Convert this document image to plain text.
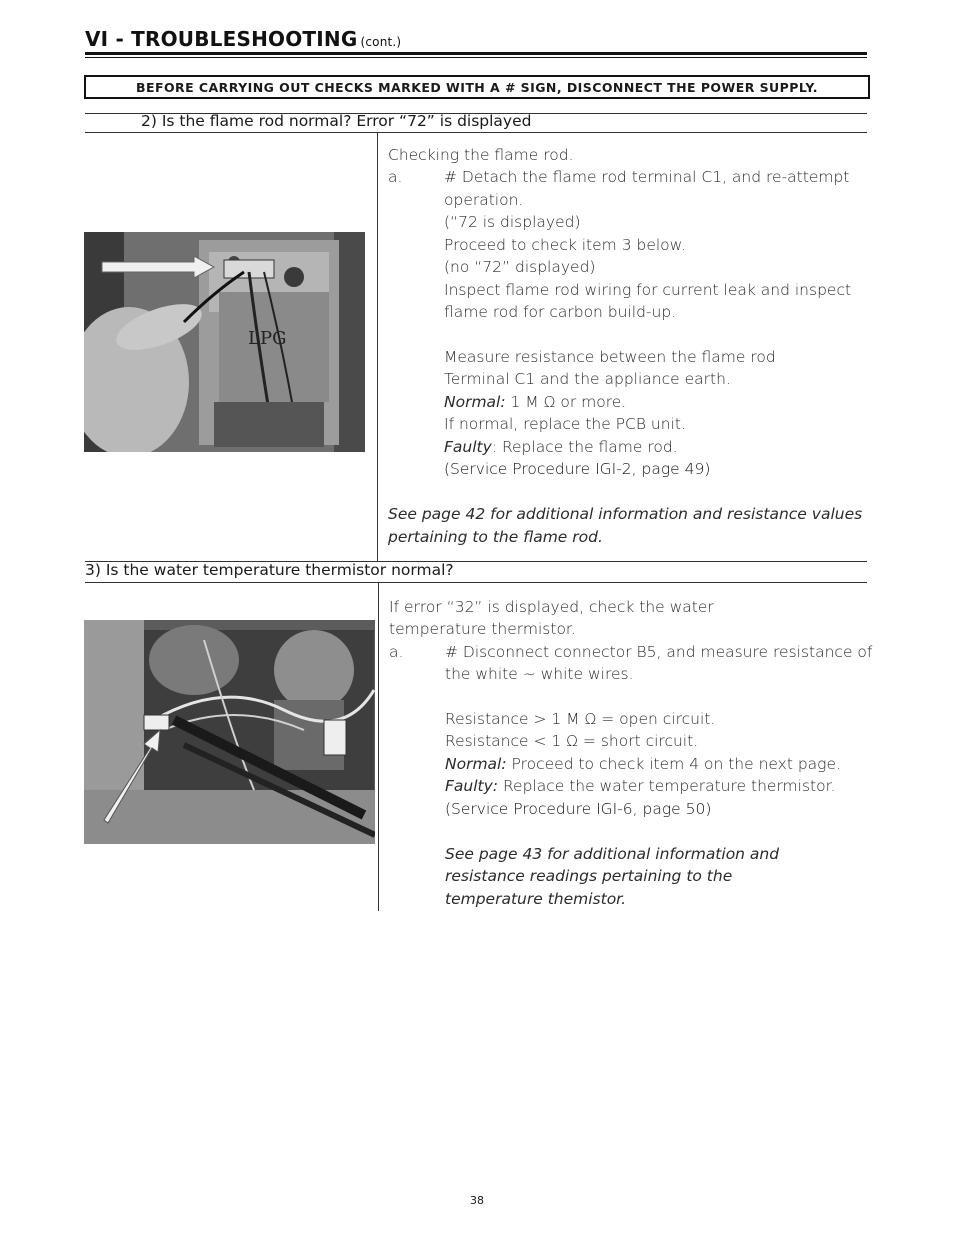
VI - TROUBLESHOOTING (cont.)
BEFORE CARRYING OUT CHECKS MARKED WITH A # SIGN, DISCONNECT THE POWER SUPPLY.
2) Is the flame rod normal? Error “72” is displayed
LPG
Checking the flame rod.
a.	# Detach the flame rod terminal C1, and re-attempt
operation.
(“72 is displayed)
Proceed to check item 3 below.
(no “72” displayed)
Inspect flame rod wiring for current leak and inspect
flame rod for carbon build-up.
Measure resistance between the flame rod
Terminal C1 and the appliance earth.
Normal: 1 M Ω or more.
If normal, replace the PCB unit.
Faulty: Replace the flame rod.
(Service Procedure IGI-2, page 49)
See page 42 for additional information and resistance values
pertaining to the flame rod.
3) Is the water temperature thermistor normal?
If error “32” is displayed, check the water
temperature thermistor.
a.	# Disconnect connector B5, and measure resistance of
the white ~ white wires.
Resistance > 1 M Ω = open circuit.
Resistance < 1 Ω = short circuit.
Normal: Proceed to check item 4 on the next page.
Faulty: Replace the water temperature thermistor.
(Service Procedure IGI-6, page 50)
See page 43 for additional information and
resistance readings pertaining to the
temperature themistor.
38
